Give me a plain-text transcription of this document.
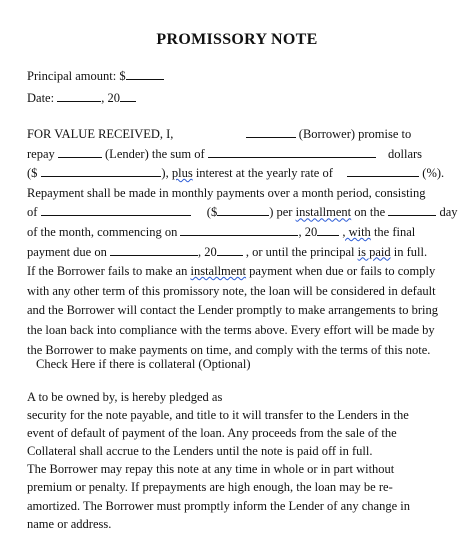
PROMISSORY NOTE
Principal amount: $
Date:	, 20
FOR VALUE RECEIVED, I,	(Borrower) promise to
repay	(Lender) the sum of	dollars
($	), plus interest at the yearly rate of	(%).
Repayment shall be made in monthly payments over a month period, consisting
of	($	) per installment on the	day
of the month, commencing on	, 20 , with the final
payment due on	, 20 , or until the principal is paid in full.
If the Borrower fails to make an installment payment when due or fails to comply
with any other term of this promissory note, the loan will be considered in default
and the Borrower will contact the Lender promptly to make arrangements to bring
the loan back into compliance with the terms above. Every effort will be made by
the Borrower to make payments on time, and comply with the terms of this note.
Check Here if there is collateral (Optional)
A to be owned by, is hereby pledged as
security for the note payable, and title to it will transfer to the Lenders in the
event of default of payment of the loan. Any proceeds from the sale of the
Collateral shall accrue to the Lenders until the note is paid off in full.
The Borrower may repay this note at any time in whole or in part without
premium or penalty. If prepayments are high enough, the loan may be re-
amortized. The Borrower must promptly inform the Lender of any change in
name or address.
